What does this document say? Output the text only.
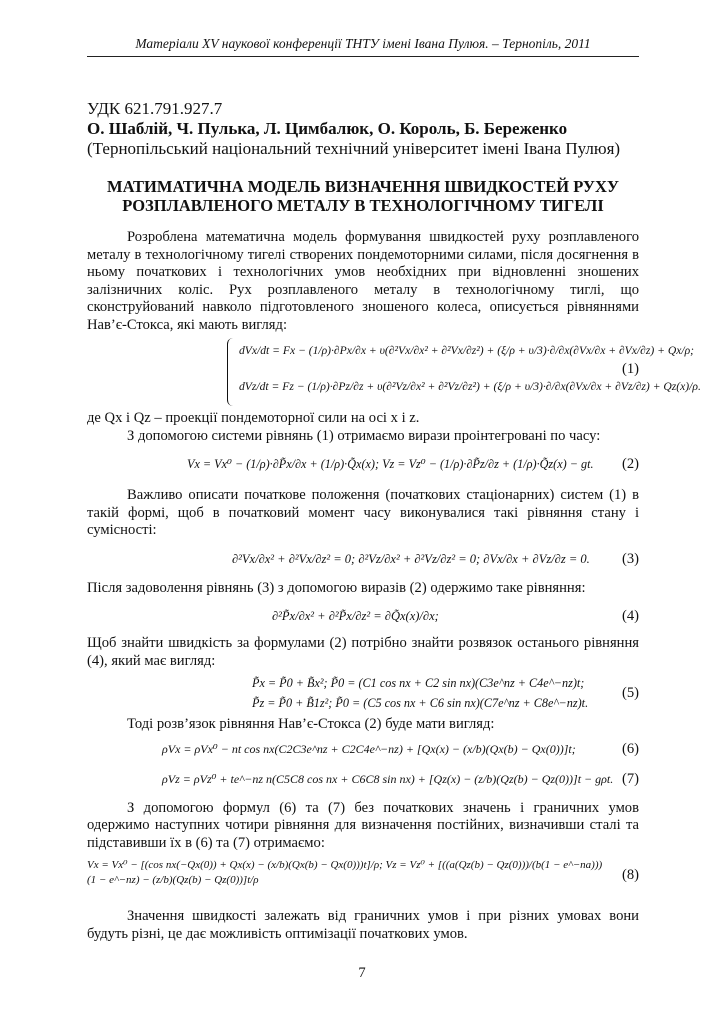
Матеріали XV наукової конференції ТНТУ імені Івана Пулюя. – Тернопіль, 2011
УДК 621.791.927.7
О. Шаблій, Ч. Пулька, Л. Цимбалюк, О. Король, Б. Береженко
(Тернопільський національний технічний університет імені Івана Пулюя)
МАТИМАТИЧНА МОДЕЛЬ ВИЗНАЧЕННЯ ШВИДКОСТЕЙ РУХУ РОЗПЛАВЛЕНОГО МЕТАЛУ В ТЕХНОЛОГІЧНОМУ ТИГЕЛІ

Розроблена математична модель формування швидкостей руху розплавленого металу в технологічному тигелі створених пондемоторними силами, після досягнення в ньому початкових і технологічних умов необхідних при відновленні зношених залізничних коліс. Рух розплавленого металу в технологічному тиглі, що сконструйований навколо підготовленого зношеного колеса, описується рівняннями Нав’є-Стокса, які мають вигляд:

dVx/dt = Fx − (1/ρ)·∂Px/∂x + υ(∂²Vx/∂x² + ∂²Vx/∂z²) + (ξ/ρ + υ/3)·∂/∂x(∂Vx/∂x + ∂Vx/∂z) + Qx/ρ;
dVz/dt = Fz − (1/ρ)·∂Pz/∂z + υ(∂²Vz/∂x² + ∂²Vz/∂z²) + (ξ/ρ + υ/3)·∂/∂x(∂Vx/∂x + ∂Vz/∂z) + Qz(x)/ρ.
(1)

де Qx і Qz – проекції пондемоторної сили на осі x і z.

З допомогою системи рівнянь (1) отримаємо вирази проінтегровані по часу:

Vx = Vx⁰ − (1/ρ)·∂P̃x/∂x + (1/ρ)·Q̃x(x); Vz = Vz⁰ − (1/ρ)·∂P̃z/∂z + (1/ρ)·Q̃z(x) − gt. (2)

Важливо описати початкове положення (початкових стаціонарних) систем (1) в такій формі, щоб в початковий момент часу виконувалися такі рівняння стану і сумісності:

∂²Vx/∂x² + ∂²Vx/∂z² = 0; ∂²Vz/∂x² + ∂²Vz/∂z² = 0; ∂Vx/∂x + ∂Vz/∂z = 0. (3)

Після задоволення рівнянь (3) з допомогою виразів (2) одержимо таке рівняння:

∂²P̃x/∂x² + ∂²P̃x/∂z² = ∂Q̃x(x)/∂x;	(4)

Щоб знайти швидкість за формулами (2) потрібно знайти розвязок останього рівняння (4), який має вигляд:

P̃x = P̃0 + B̃x²; P̃0 = (C1 cos nx + C2 sin nx)(C3e^nz + C4e^−nz)t;
P̃z = P̃0 + B̃1z²; P̃0 = (C5 cos nx + C6 sin nx)(C7e^nz + C8e^−nz)t.
(5)

Тоді розв’язок рівняння Нав’є-Стокса (2) буде мати вигляд:

ρVx = ρVx⁰ − nt cos nx(C2C3e^nz + C2C4e^−nz) + [Qx(x) − (x/b)(Qx(b) − Qx(0))]t;	(6)
ρVz = ρVz⁰ + te^−nz n(C5C8 cos nx + C6C8 sin nx) + [Qz(x) − (z/b)(Qz(b) − Qz(0))]t − gρt. (7)

З допомогою формул (6) та (7) без початкових значень і граничних умов одержимо наступних чотири рівняння для визначення постійних, визначивши сталі та підставивши їх в (6) та (7) отримаємо:

Vx = Vx⁰ − [(cos nx(−Qx(0)) + Qx(x) − (x/b)(Qx(b) − Qx(0)))t]/ρ; Vz = Vz⁰ + [((a(Qz(b) − Qz(0)))/(b(1 − e^−na)))(1 − e^−nz) − (z/b)(Qz(b) − Qz(0))]t/ρ	(8)

Значення швидкості залежать від граничних умов і при різних умовах вони будуть різні, це дає можливість оптимізації початкових умов.

7
